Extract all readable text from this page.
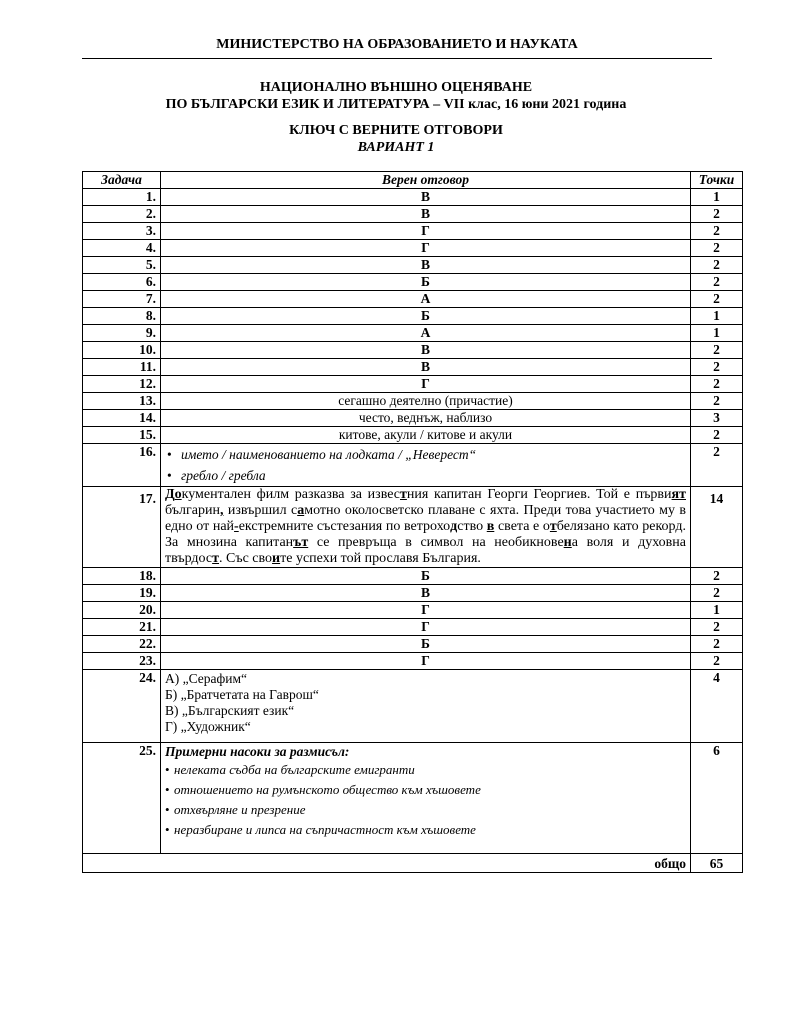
МИНИСТЕРСТВО НА ОБРАЗОВАНИЕТО И НАУКАТА
НАЦИОНАЛНО ВЪНШНО ОЦЕНЯВАНЕ
ПО БЪЛГАРСКИ ЕЗИК И ЛИТЕРАТУРА – VII клас, 16 юни 2021 година
КЛЮЧ С ВЕРНИТЕ ОТГОВОРИ
ВАРИАНТ 1
Задача	Верен отговор	Точки
1.	В	1
2.	В	2
3.	Г	2
4.	Г	2
5.	В	2
6.	Б	2
7.	А	2
8.	Б	1
9.	А	1
10.	В	2
11.	В	2
12.	Г	2
13.	сегашно деятелно (причастие)	2
14.	често, веднъж, наблизо	3
15.	китове, акули / китове и акули	2
16.	• името / наименованието на лодката / „Неверест“
• гребло / гребла	2
17.	Документален филм разказва за известния капитан Георги Георгиев. Той е първият българин, извършил самотно околосветско плаване с яхта. Преди това участието му в едно от най-екстремните състезания по ветроходство в света е отбелязано като рекорд. За мнозина капитанът се превръща в символ на необикновена воля и духовна твърдост. Със своите успехи той прославя България.	14
18.	Б	2
19.	В	2
20.	Г	1
21.	Г	2
22.	Б	2
23.	Г	2
24.	А) „Серафим“
Б) „Братчетата на Гаврош“
В) „Българският език“
Г) „Художник“	4
25.	Примерни насоки за размисъл:
• нелеката съдба на българските емигранти
• отношението на румънското общество към хъшовете
• отхвърляне и презрение
• неразбиране и липса на съпричастност към хъшовете	6
общо		65
